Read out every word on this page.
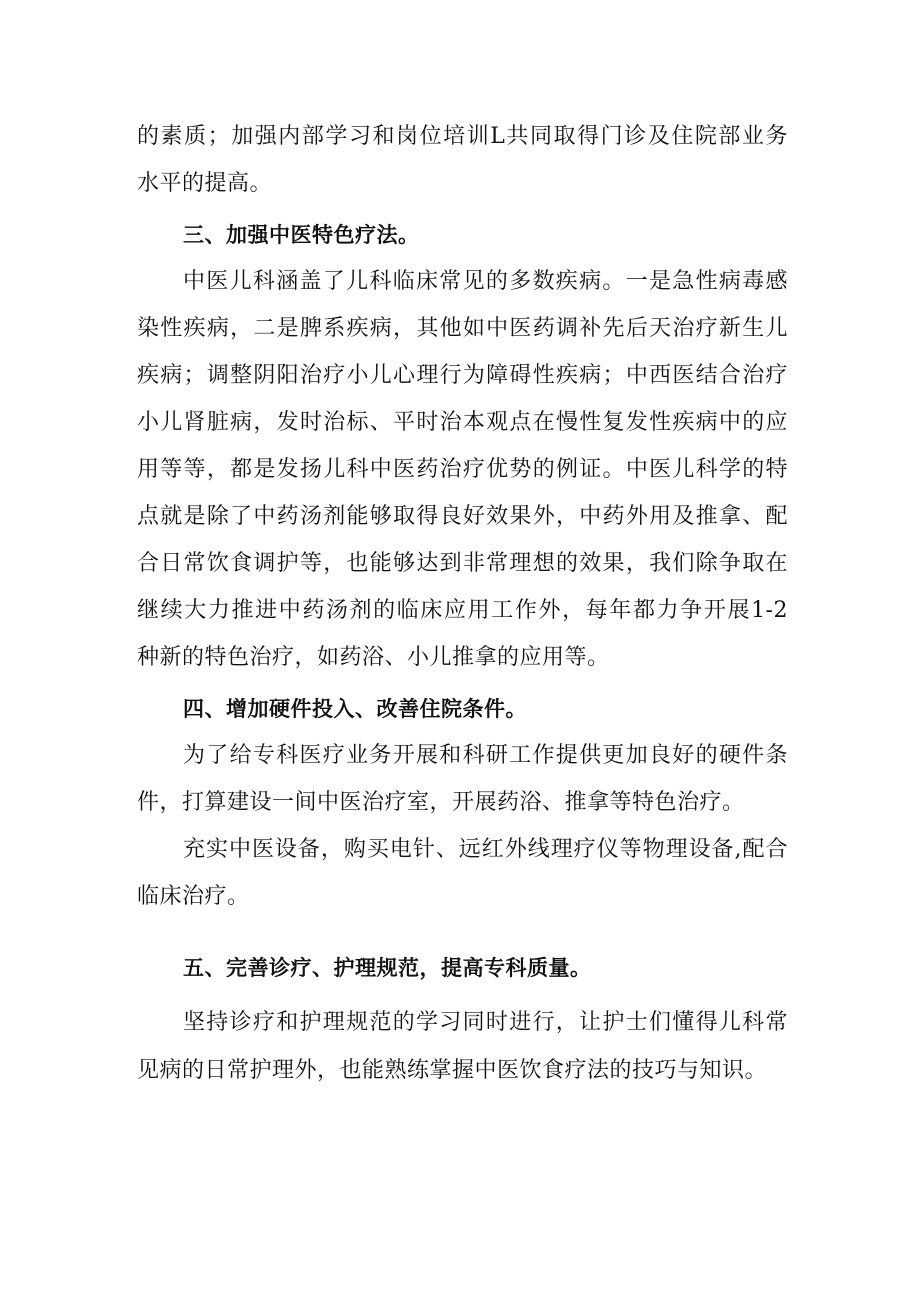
的素质；加强内部学习和岗位培训L共同取得门诊及住院部业务
水平的提高。
三、加强中医特色疗法。
中医儿科涵盖了儿科临床常见的多数疾病。一是急性病毒感
染性疾病，二是脾系疾病，其他如中医药调补先后天治疗新生儿
疾病；调整阴阳治疗小儿心理行为障碍性疾病；中西医结合治疗
小儿肾脏病，发时治标、平时治本观点在慢性复发性疾病中的应
用等等，都是发扬儿科中医药治疗优势的例证。中医儿科学的特
点就是除了中药汤剂能够取得良好效果外，中药外用及推拿、配
合日常饮食调护等，也能够达到非常理想的效果，我们除争取在
继续大力推进中药汤剂的临床应用工作外，每年都力争开展1-2
种新的特色治疗，如药浴、小儿推拿的应用等。
四、增加硬件投入、改善住院条件。
为了给专科医疗业务开展和科研工作提供更加良好的硬件条
件，打算建设一间中医治疗室，开展药浴、推拿等特色治疗。
充实中医设备，购买电针、远红外线理疗仪等物理设备,配合
临床治疗。
五、完善诊疗、护理规范，提高专科质量。
坚持诊疗和护理规范的学习同时进行，让护士们懂得儿科常
见病的日常护理外，也能熟练掌握中医饮食疗法的技巧与知识。
